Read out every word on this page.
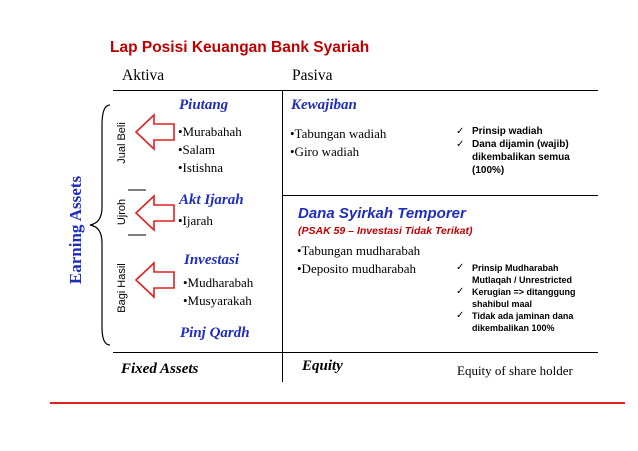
Lap Posisi Keuangan Bank Syariah
Aktiva	Pasiva
Earning Assets
Jual Beli
Ujroh
Bagi Hasil
Piutang
•Murabahah
•Salam
•Istishna
Akt Ijarah
•Ijarah
Investasi
•Mudharabah
•Musyarakah
Pinj Qardh
Kewajiban
•Tabungan wadiah
•Giro wadiah
✓ Prinsip wadiah
✓ Dana dijamin (wajib) dikembalikan semua (100%)
Dana Syirkah Temporer
(PSAK 59 – Investasi Tidak Terikat)
•Tabungan mudharabah
•Deposito mudharabah	✓ Prinsip Mudharabah Mutlaqah / Unrestricted
✓ Kerugian => ditanggung shahibul maal
✓ Tidak ada jaminan dana dikembalikan 100%
Fixed Assets	Equity	Equity of share holder
